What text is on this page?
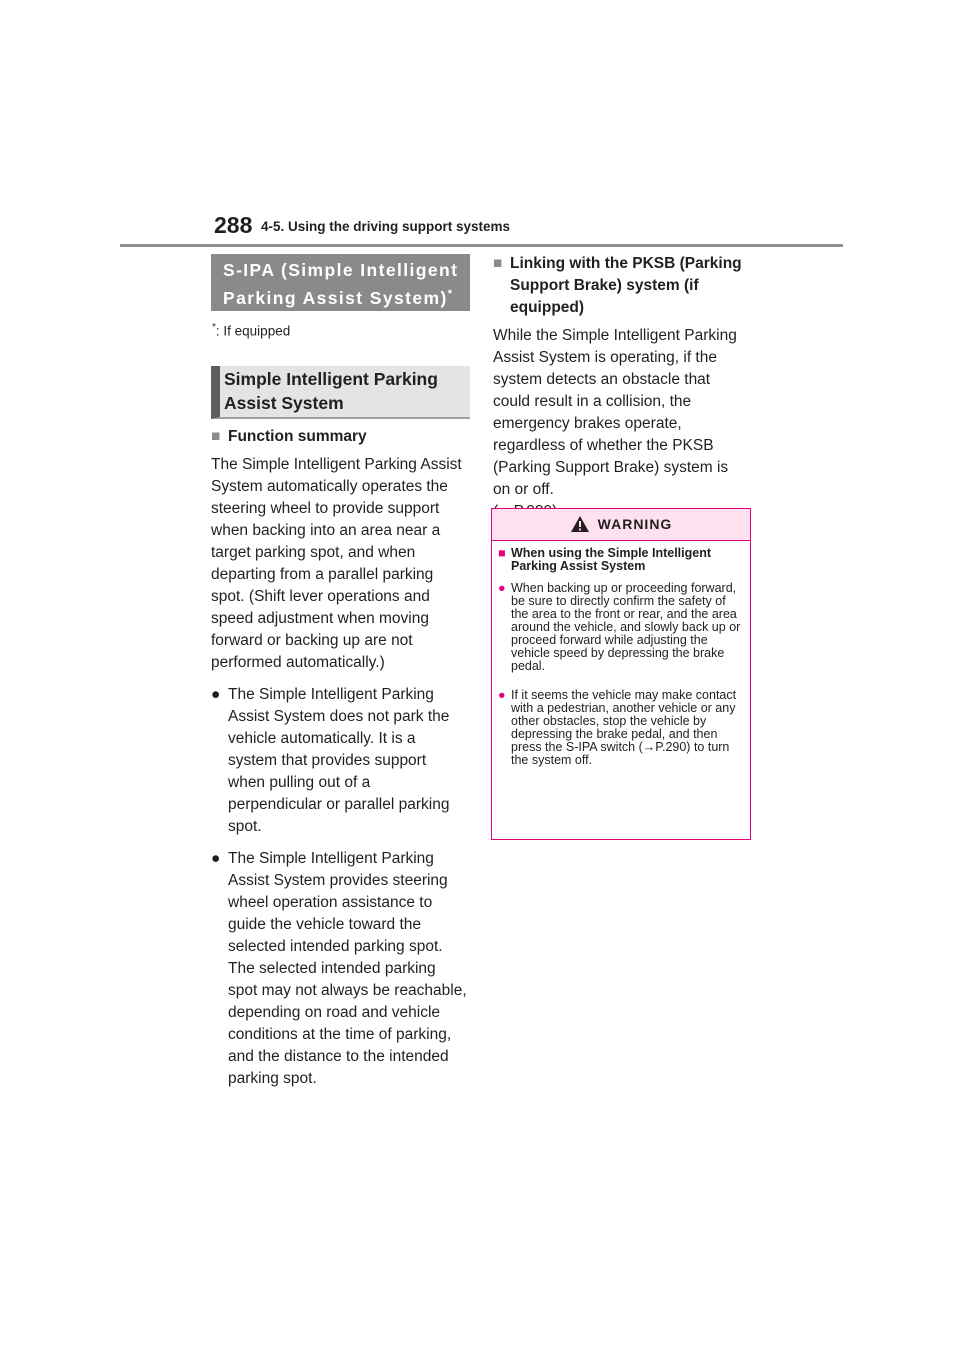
288 4-5. Using the driving support systems
S-IPA (Simple Intelligent Parking Assist System)*
*: If equipped
Simple Intelligent Parking Assist System
■ Function summary

The Simple Intelligent Parking Assist System automatically operates the steering wheel to provide support when backing into an area near a target parking spot, and when departing from a parallel parking spot. (Shift lever operations and speed adjustment when moving forward or backing up are not performed automatically.)

● The Simple Intelligent Parking Assist System does not park the vehicle automatically. It is a system that provides support when pulling out of a perpendicular or parallel parking spot.
● The Simple Intelligent Parking Assist System provides steering wheel operation assistance to guide the vehicle toward the selected intended parking spot. The selected intended parking spot may not always be reachable, depending on road and vehicle conditions at the time of parking, and the distance to the intended parking spot.
■ Linking with the PKSB (Parking Support Brake) system (if equipped)

While the Simple Intelligent Parking Assist System is operating, if the system detects an obstacle that could result in a collision, the emergency brakes operate, regardless of whether the PKSB (Parking Support Brake) system is on or off.

WARNING
■ When using the Simple Intelligent Parking Assist System
● When backing up or proceeding forward, be sure to directly confirm the safety of the area to the front or rear, and the area around the vehicle, and slowly back up or proceed forward while adjusting the vehicle speed by depressing the brake pedal.
● If it seems the vehicle may make contact with a pedestrian, another vehicle or any other obstacles, stop the vehicle by depressing the brake pedal, and then press the S-IPA switch (→P.290) to turn the system off.
